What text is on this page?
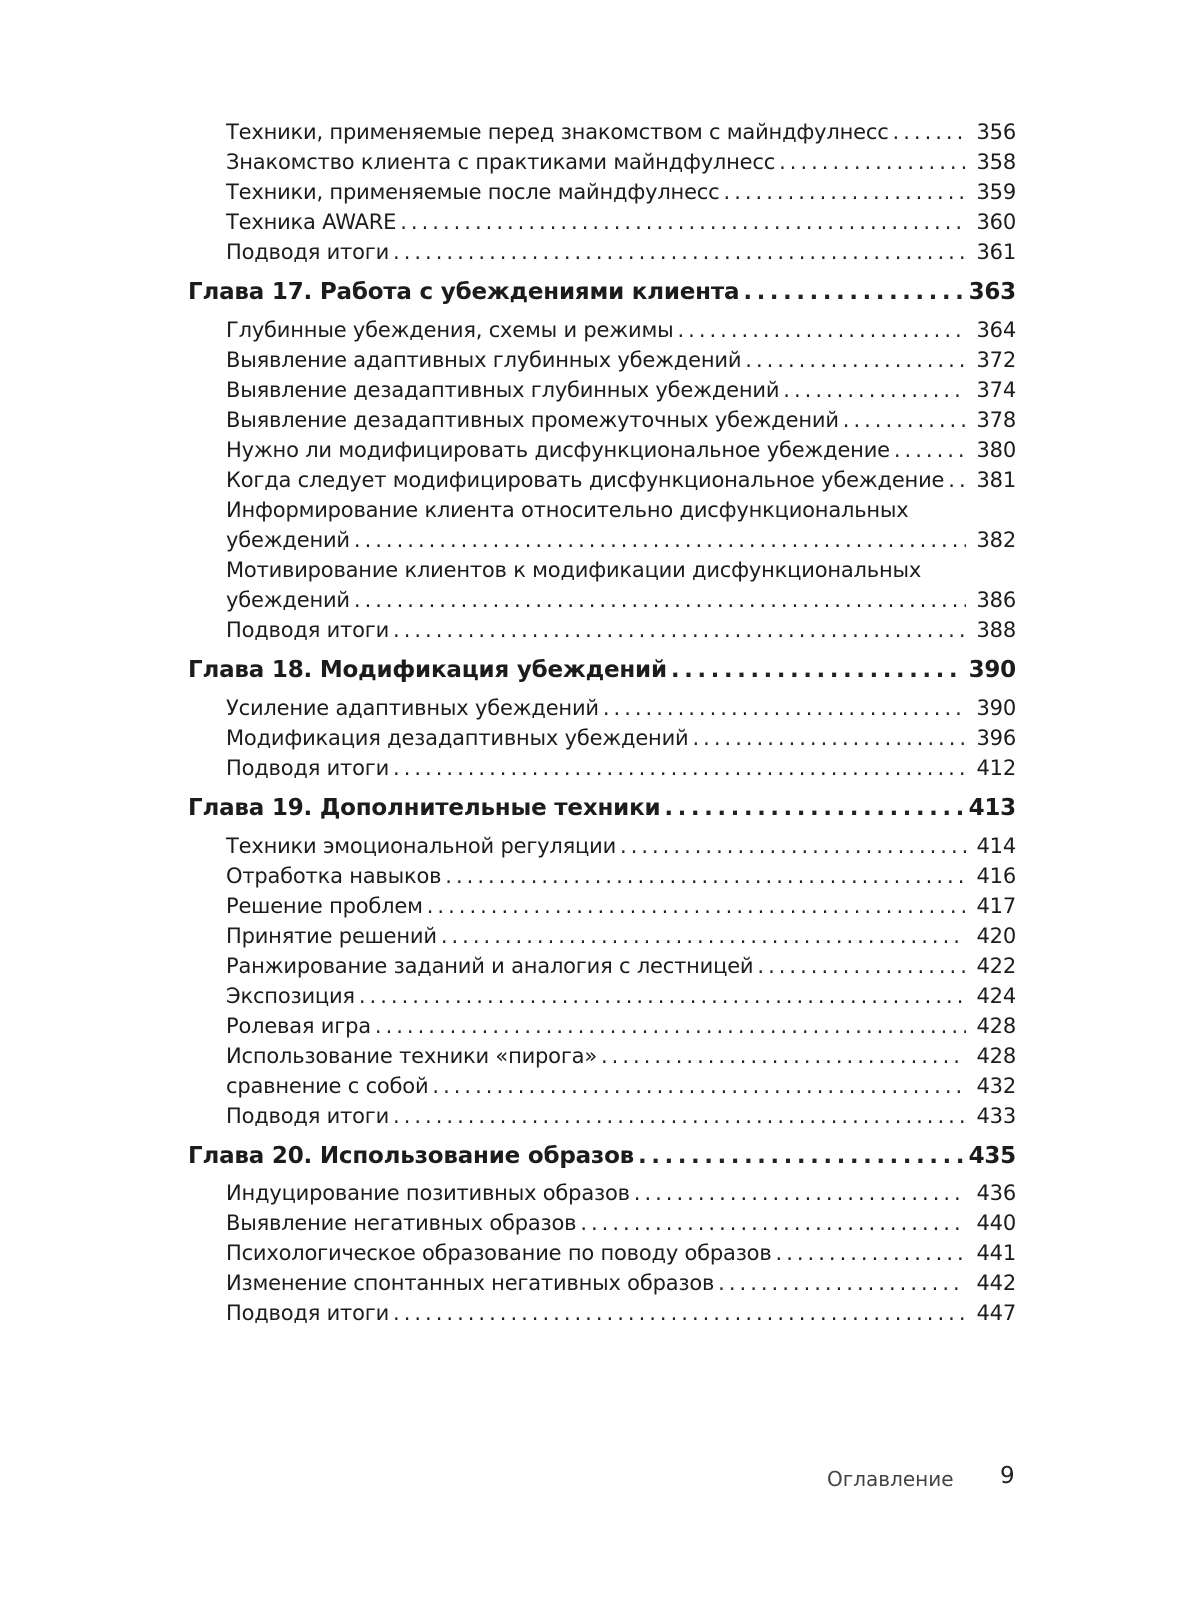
Техники, применяемые перед знакомством с майндфулнесс .....	356
Знакомство клиента с практиками майндфулнесс .....	358
Техники, применяемые после майндфулнесс .....	359
Техника AWARE .....	360
Подводя итоги .....	361
Глава 17. Работа с убеждениями клиента .....	363
Глубинные убеждения, схемы и режимы .....	364
Выявление адаптивных глубинных убеждений .....	372
Выявление дезадаптивных глубинных убеждений .....	374
Выявление дезадаптивных промежуточных убеждений .....	378
Нужно ли модифицировать дисфункциональное убеждение .....	380
Когда следует модифицировать дисфункциональное убеждение ..... 381
Информирование клиента относительно дисфункциональных
убеждений .....	382
Мотивирование клиентов к модификации дисфункциональных
убеждений .....	386
Подводя итоги .....	388
Глава 18. Модификация убеждений .....	390
Усиление адаптивных убеждений .....	390
Модификация дезадаптивных убеждений .....	396
Подводя итоги .....	412
Глава 19. Дополнительные техники .....	413
Техники эмоциональной регуляции .....	414
Отработка навыков .....	416
Решение проблем .....	417
Принятие решений .....	420
Ранжирование заданий и аналогия с лестницей .....	422
Экспозиция .....	424
Ролевая игра .....	428
Использование техники «пирога» .....	428
сравнение с собой .....	432
Подводя итоги .....	433
Глава 20. Использование образов .....	435
Индуцирование позитивных образов .....	436
Выявление негативных образов .....	440
Психологическое образование по поводу образов .....	441
Изменение спонтанных негативных образов .....	442
Подводя итоги .....	447
Оглавление 9
